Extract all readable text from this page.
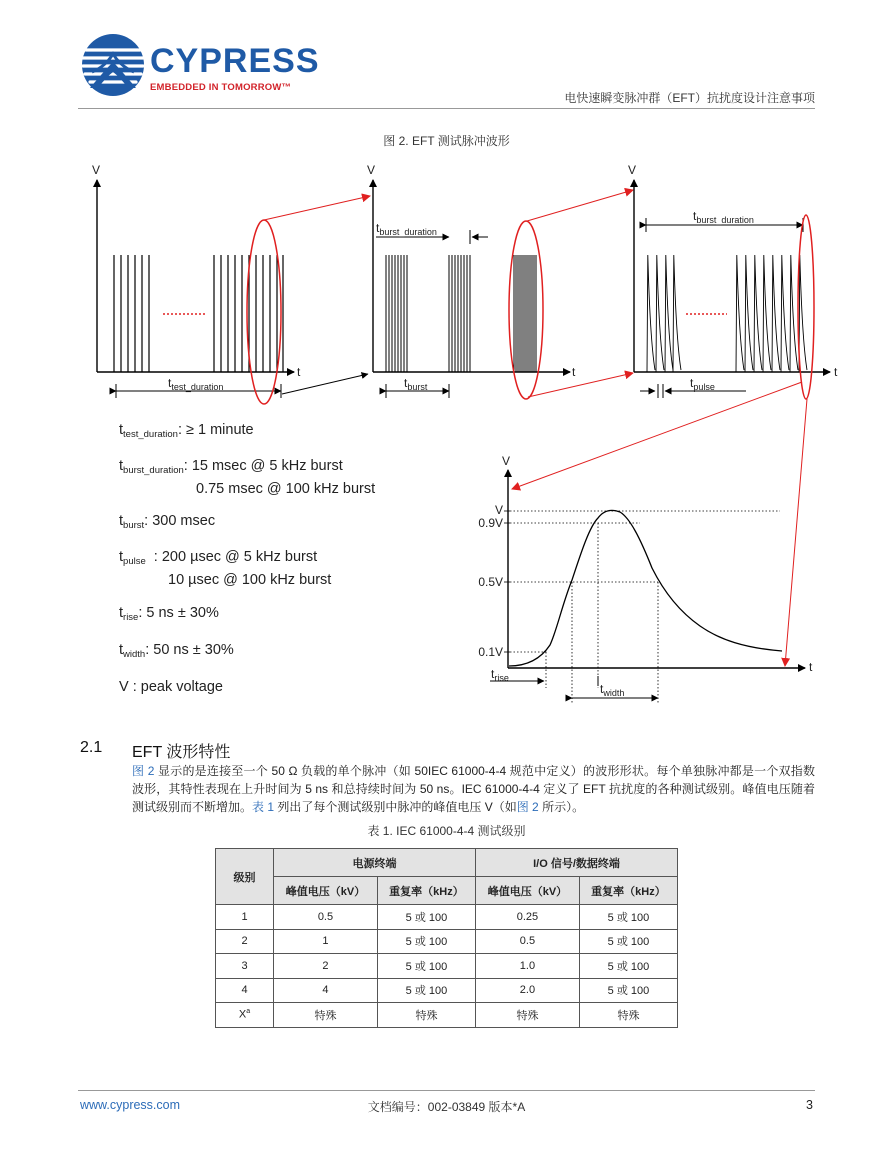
CYPRESS
EMBEDDED IN TOMORROW™
电快速瞬变脉冲群（EFT）抗扰度设计注意事项
图 2. EFT 测试脉冲波形
V
t
$t_{test\_duration}$
V
t
$t_{burst\_duration}$
$t_{burst}$
V
t
$t_{burst\_duration}$
$t_{pulse}$
V
t
V
0.9V
0.5V
0.1V
$t_{rise}$
$t_{width}$
$t_{test\_duration}$: ≥ 1 minute
$t_{burst\_duration}$: 15 msec @ 5 kHz burst
0.75 msec @ 100 kHz burst
$t_{burst}$: 300 msec
$t_{pulse}$  : 200 µsec @ 5 kHz burst
10 µsec @ 100 kHz burst
$t_{rise}$: 5 ns ± 30%
$t_{width}$: 50 ns ± 30%
V : peak voltage
2.1 EFT 波形特性
图 2 显示的是连接至一个 50 Ω 负载的单个脉冲（如 50IEC 61000-4-4 规范中定义）的波形形状。每个单独脉冲都是一个双指数波形，其特性表现在上升时间为 5 ns 和总持续时间为 50 ns。IEC 61000-4-4 定义了 EFT 抗扰度的各种测试级别。峰值电压随着测试级别而不断增加。表 1 列出了每个测试级别中脉冲的峰值电压 V（如图 2 所示）。
表 1. IEC 61000-4-4 测试级别
级别	电源终端		I/O 信号/数据终端	
	峰值电压（kV）	重复率（kHz）	峰值电压（kV）	重复率（kHz）
1	0.5	5 或 100	0.25	5 或 100
2	1	5 或 100	0.5	5 或 100
3	2	5 或 100	1.0	5 或 100
4	4	5 或 100	2.0	5 或 100
$X^a$	特殊	特殊	特殊	特殊
www.cypress.com	文档编号：002-03849 版本*A	3
